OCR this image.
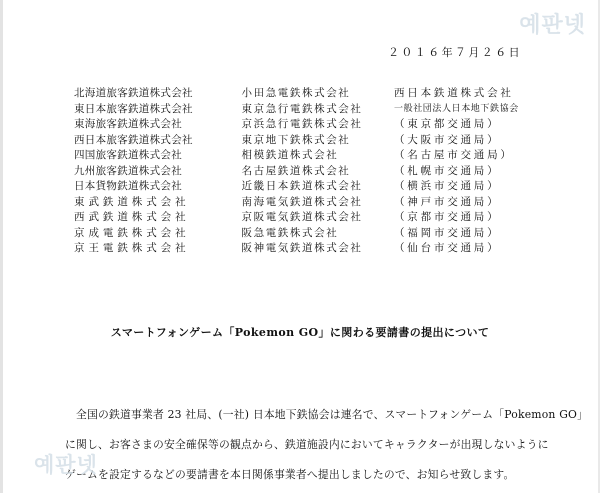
예판넷
２０１６年７月２６日
北海道旅客鉄道株式会社
東日本旅客鉄道株式会社
東海旅客鉄道株式会社
西日本旅客鉄道株式会社
四国旅客鉄道株式会社
九州旅客鉄道株式会社
日本貨物鉄道株式会社
東 武 鉄 道 株 式 会 社
西 武 鉄 道 株 式 会 社
京 成 電 鉄 株 式 会 社
京 王 電 鉄 株 式 会 社
小田急電鉄株式会社
東京急行電鉄株式会社
京浜急行電鉄株式会社
東京地下鉄株式会社
相模鉄道株式会社
名古屋鉄道株式会社
近畿日本鉄道株式会社
南海電気鉄道株式会社
京阪電気鉄道株式会社
阪急電鉄株式会社
阪神電気鉄道株式会社
西日本鉄道株式会社
一般社団法人日本地下鉄協会
（東京都交通局）
（大阪市交通局）
（名古屋市交通局）
（札幌市交通局）
（横浜市交通局）
（神戸市交通局）
（京都市交通局）
（福岡市交通局）
（仙台市交通局）
スマートフォンゲーム「Pokemon GO」に関わる要請書の提出について
全国の鉄道事業者 23 社局、(一社) 日本地下鉄協会は連名で、スマートフォンゲーム「Pokemon GO」
に関し、お客さまの安全確保等の観点から、鉄道施設内においてキャラクターが出現しないように
ゲームを設定するなどの要請書を本日関係事業者へ提出しましたので、お知らせ致します。
예판넷
